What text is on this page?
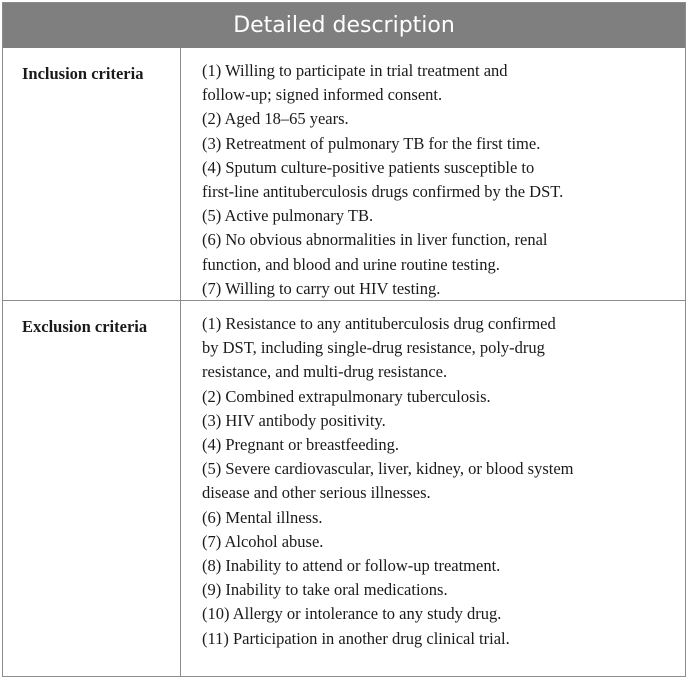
Detailed description
Inclusion criteria	(1) Willing to participate in trial treatment and
follow-up; signed informed consent.
(2) Aged 18–65 years.
(3) Retreatment of pulmonary TB for the first time.
(4) Sputum culture-positive patients susceptible to
first-line antituberculosis drugs confirmed by the DST.
(5) Active pulmonary TB.
(6) No obvious abnormalities in liver function, renal
function, and blood and urine routine testing.
(7) Willing to carry out HIV testing.
Exclusion criteria	(1) Resistance to any antituberculosis drug confirmed
by DST, including single-drug resistance, poly-drug
resistance, and multi-drug resistance.
(2) Combined extrapulmonary tuberculosis.
(3) HIV antibody positivity.
(4) Pregnant or breastfeeding.
(5) Severe cardiovascular, liver, kidney, or blood system
disease and other serious illnesses.
(6) Mental illness.
(7) Alcohol abuse.
(8) Inability to attend or follow-up treatment.
(9) Inability to take oral medications.
(10) Allergy or intolerance to any study drug.
(11) Participation in another drug clinical trial.
